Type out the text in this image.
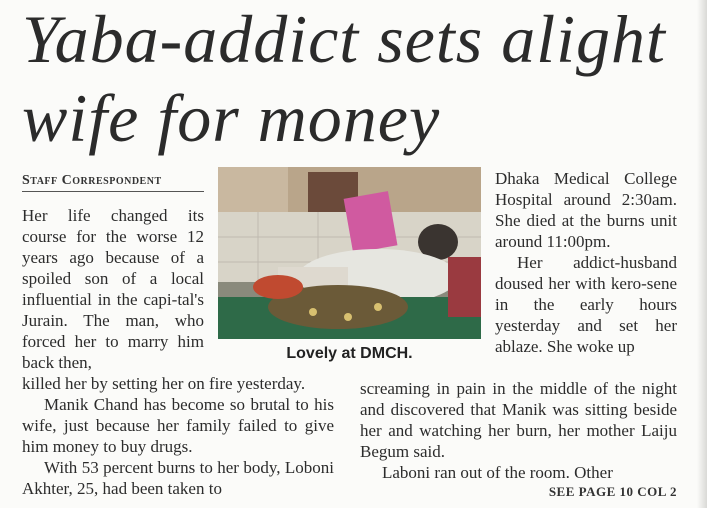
Yaba-addict sets alight
wife for money
Staff Correspondent

Her life changed its course for the worse 12 years ago because of a spoiled son of a local influential in the capi-tal's Jurain. The man, who forced her to marry him back then,	Lovely at DMCH.

Dhaka Medical College Hospital around 2:30am. She died at the burns unit around 11:00pm.

Her addict-husband doused her with kero-sene in the early hours yesterday and set her ablaze. She woke up

killed her by setting her on fire yesterday.

Manik Chand has become so brutal to his wife, just because her family failed to give him money to buy drugs.

With 53 percent burns to her body, Loboni Akhter, 25, had been taken to

screaming in pain in the middle of the night and discovered that Manik was sitting beside her and watching her burn, her mother Laiju Begum said.

Laboni ran out of the room. Other

SEE PAGE 10 COL 2
